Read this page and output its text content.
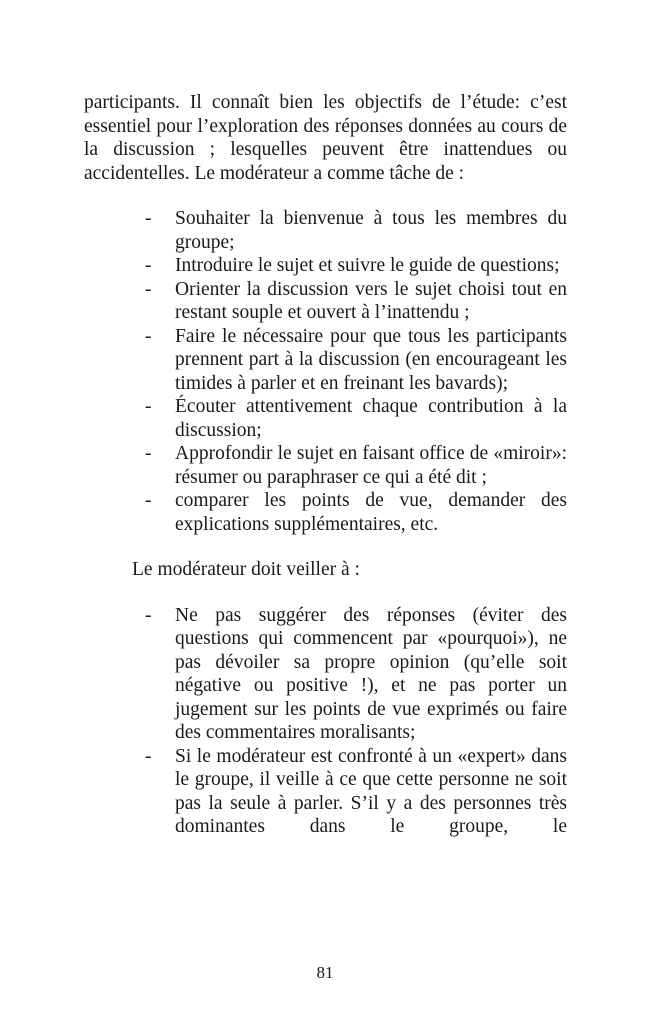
participants. Il connaît bien les objectifs de l’étude: c’est essentiel pour l’exploration des réponses données au cours de la discussion ; lesquelles peuvent être inattendues ou accidentelles. Le modérateur a comme tâche de :

- Souhaiter la bienvenue à tous les membres du groupe;
- Introduire le sujet et suivre le guide de questions;
- Orienter la discussion vers le sujet choisi tout en restant souple et ouvert à l’inattendu ;
- Faire le nécessaire pour que tous les participants prennent part à la discussion (en encourageant les timides à parler et en freinant les bavards);
- Écouter attentivement chaque contribution à la discussion;
- Approfondir le sujet en faisant office de «miroir»: résumer ou paraphraser ce qui a été dit ;
- comparer les points de vue, demander des explications supplémentaires, etc.

Le modérateur doit veiller à :

- Ne pas suggérer des réponses (éviter des questions qui commencent par «pourquoi»), ne pas dévoiler sa propre opinion (qu’elle soit négative ou positive !), et ne pas porter un jugement sur les points de vue exprimés ou faire des commentaires moralisants;
- Si le modérateur est confronté à un «expert» dans le groupe, il veille à ce que cette personne ne soit pas la seule à parler. S’il y a des personnes très dominantes dans le groupe, le
81
